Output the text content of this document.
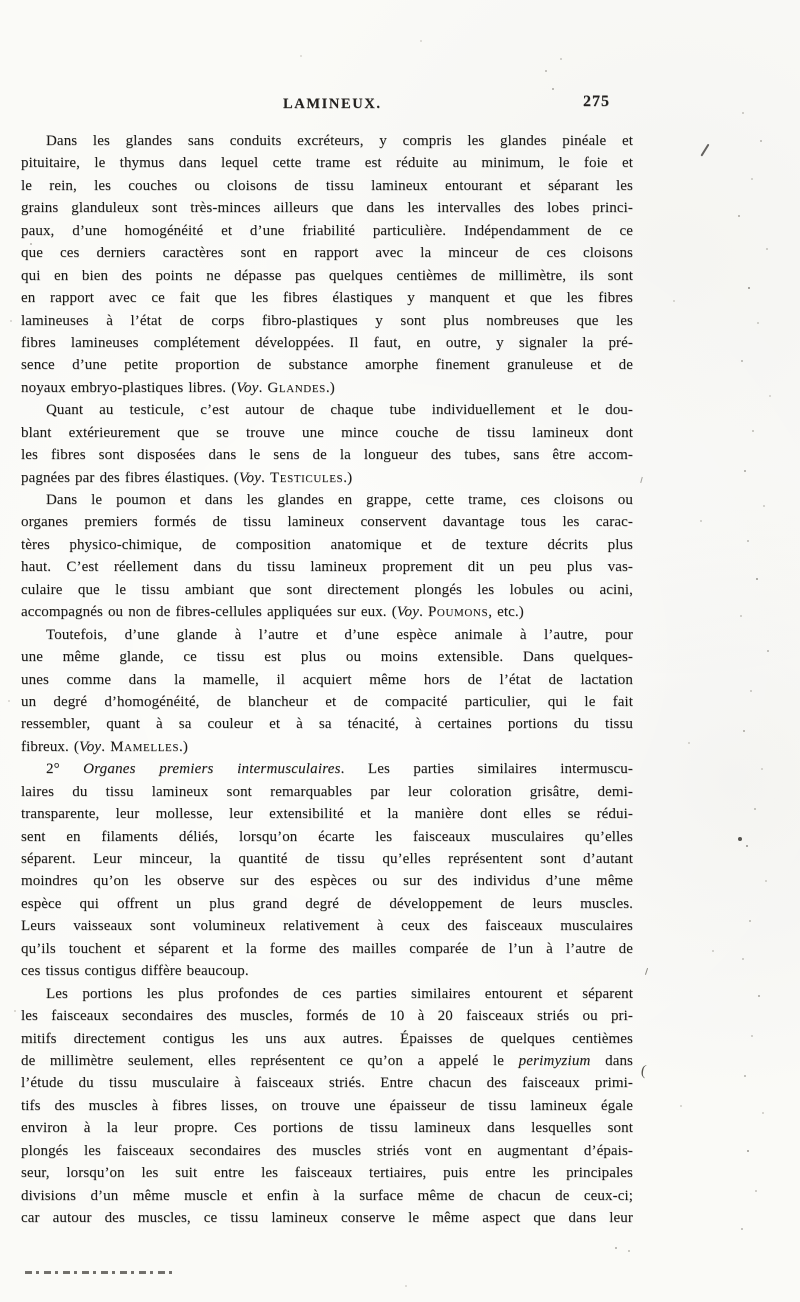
(
LAMINEUX.	275
Dans les glandes sans conduits excréteurs, y compris les glandes pinéale et
pituitaire, le thymus dans lequel cette trame est réduite au minimum, le foie et
le rein, les couches ou cloisons de tissu lamineux entourant et séparant les
grains glanduleux sont très-minces ailleurs que dans les intervalles des lobes princi-
paux, d’une homogénéité et d’une friabilité particulière. Indépendamment de ce
que ces derniers caractères sont en rapport avec la minceur de ces cloisons
qui en bien des points ne dépasse pas quelques centièmes de millimètre, ils sont
en rapport avec ce fait que les fibres élastiques y manquent et que les fibres
lamineuses à l’état de corps fibro-plastiques y sont plus nombreuses que les
fibres lamineuses complétement développées. Il faut, en outre, y signaler la pré-
sence d’une petite proportion de substance amorphe finement granuleuse et de
noyaux embryo-plastiques libres. (Voy. Glandes.)
Quant au testicule, c’est autour de chaque tube individuellement et le dou-
blant extérieurement que se trouve une mince couche de tissu lamineux dont
les fibres sont disposées dans le sens de la longueur des tubes, sans être accom-
pagnées par des fibres élastiques. (Voy. Testicules.)
Dans le poumon et dans les glandes en grappe, cette trame, ces cloisons ou
organes premiers formés de tissu lamineux conservent davantage tous les carac-
tères physico-chimique, de composition anatomique et de texture décrits plus
haut. C’est réellement dans du tissu lamineux proprement dit un peu plus vas-
culaire que le tissu ambiant que sont directement plongés les lobules ou acini,
accompagnés ou non de fibres-cellules appliquées sur eux. (Voy. Poumons, etc.)
Toutefois, d’une glande à l’autre et d’une espèce animale à l’autre, pour
une même glande, ce tissu est plus ou moins extensible. Dans quelques-
unes comme dans la mamelle, il acquiert même hors de l’état de lactation
un degré d’homogénéité, de blancheur et de compacité particulier, qui le fait
ressembler, quant à sa couleur et à sa ténacité, à certaines portions du tissu
fibreux. (Voy. Mamelles.)
2° Organes premiers intermusculaires. Les parties similaires intermuscu-
laires du tissu lamineux sont remarquables par leur coloration grisâtre, demi-
transparente, leur mollesse, leur extensibilité et la manière dont elles se rédui-
sent en filaments déliés, lorsqu’on écarte les faisceaux musculaires qu’elles
séparent. Leur minceur, la quantité de tissu qu’elles représentent sont d’autant
moindres qu’on les observe sur des espèces ou sur des individus d’une même
espèce qui offrent un plus grand degré de développement de leurs muscles.
Leurs vaisseaux sont volumineux relativement à ceux des faisceaux musculaires
qu’ils touchent et séparent et la forme des mailles comparée de l’un à l’autre de
ces tissus contigus diffère beaucoup.
Les portions les plus profondes de ces parties similaires entourent et séparent
les faisceaux secondaires des muscles, formés de 10 à 20 faisceaux striés ou pri-
mitifs directement contigus les uns aux autres. Épaisses de quelques centièmes
de millimètre seulement, elles représentent ce qu’on a appelé le perimyzium dans
l’étude du tissu musculaire à faisceaux striés. Entre chacun des faisceaux primi-
tifs des muscles à fibres lisses, on trouve une épaisseur de tissu lamineux égale
environ à la leur propre. Ces portions de tissu lamineux dans lesquelles sont
plongés les faisceaux secondaires des muscles striés vont en augmentant d’épais-
seur, lorsqu’on les suit entre les faisceaux tertiaires, puis entre les principales
divisions d’un même muscle et enfin à la surface même de chacun de ceux-ci;
car autour des muscles, ce tissu lamineux conserve le même aspect que dans leur
